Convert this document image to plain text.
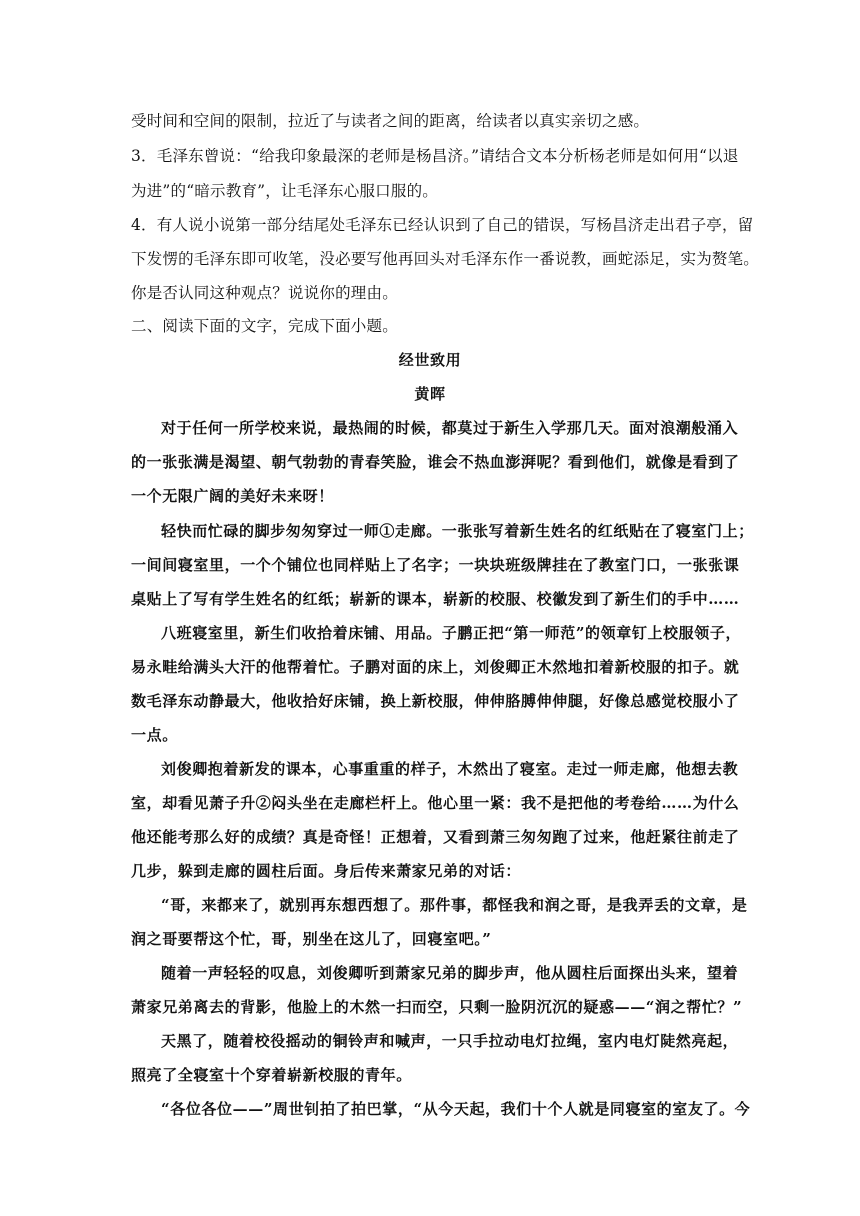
受时间和空间的限制，拉近了与读者之间的距离，给读者以真实亲切之感。
3．毛泽东曾说：“给我印象最深的老师是杨昌济。”请结合文本分析杨老师是如何用“以退
为进”的“暗示教育”，让毛泽东心服口服的。
4．有人说小说第一部分结尾处毛泽东已经认识到了自己的错误，写杨昌济走出君子亭，留
下发愣的毛泽东即可收笔，没必要写他再回头对毛泽东作一番说教，画蛇添足，实为赘笔。
你是否认同这种观点？说说你的理由。
二、阅读下面的文字，完成下面小题。
经世致用
黄晖
对于任何一所学校来说，最热闹的时候，都莫过于新生入学那几天。面对浪潮般涌入
的一张张满是渴望、朝气勃勃的青春笑脸，谁会不热血澎湃呢？看到他们，就像是看到了
一个无限广阔的美好未来呀！
轻快而忙碌的脚步匆匆穿过一师①走廊。一张张写着新生姓名的红纸贴在了寝室门上；
一间间寝室里，一个个铺位也同样贴上了名字；一块块班级牌挂在了教室门口，一张张课
桌贴上了写有学生姓名的红纸；崭新的课本，崭新的校服、校徽发到了新生们的手中……
八班寝室里，新生们收拾着床铺、用品。子鹏正把“第一师范”的领章钉上校服领子，
易永畦给满头大汗的他帮着忙。子鹏对面的床上，刘俊卿正木然地扣着新校服的扣子。就
数毛泽东动静最大，他收拾好床铺，换上新校服，伸伸胳膊伸伸腿，好像总感觉校服小了
一点。
刘俊卿抱着新发的课本，心事重重的样子，木然出了寝室。走过一师走廊，他想去教
室，却看见萧子升②闷头坐在走廊栏杆上。他心里一紧：我不是把他的考卷给……为什么
他还能考那么好的成绩？真是奇怪！正想着，又看到萧三匆匆跑了过来，他赶紧往前走了
几步，躲到走廊的圆柱后面。身后传来萧家兄弟的对话：
“哥，来都来了，就别再东想西想了。那件事，都怪我和润之哥，是我弄丢的文章，是
润之哥要帮这个忙，哥，别坐在这儿了，回寝室吧。”
随着一声轻轻的叹息，刘俊卿听到萧家兄弟的脚步声，他从圆柱后面探出头来，望着
萧家兄弟离去的背影，他脸上的木然一扫而空，只剩一脸阴沉沉的疑惑——“润之帮忙？”
天黑了，随着校役摇动的铜铃声和喊声，一只手拉动电灯拉绳，室内电灯陡然亮起，
照亮了全寝室十个穿着崭新校服的青年。
“各位各位——”周世钊拍了拍巴掌，“从今天起，我们十个人就是同寝室的室友了。今
